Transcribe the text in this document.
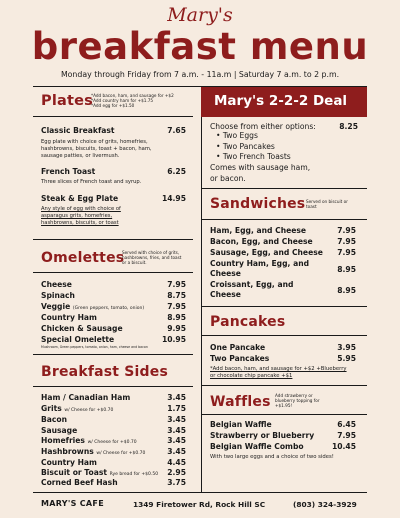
Mary's
breakfast menu
Monday through Friday from 7 a.m. - 11a.m | Saturday 7 a.m. to 2 p.m.
Plates
*Add bacon, ham, and sausage for +$2
*Add country ham for +$1.75
*Add egg for +$1.50
Classic Breakfast	7.65
Egg plate with choice of grits, homefries, hashbrowns, biscuits, toast + bacon, ham, sausage patties, or livermush.
French Toast	6.25
Three slices of French toast and syrup.
Steak & Egg Plate	14.95
Any style of egg with choice of asparagus grits, homefries, hashbrowns, biscuits, or toast
Omelettes
Served with choice of grits, hashbrowns, fries, and toast or a biscuit.
Cheese	7.95
Spinach	8.75
Veggie (Green peppers, tomato, onion)	7.95
Country Ham	8.95
Chicken & Sausage	9.95
Special Omelette	10.95
Mushroom, Green peppers, tomato, onion, ham, cheese and bacon
Breakfast Sides
Ham / Canadian Ham	3.45
Grits w/ Cheese for +$0.70	1.75
Bacon	3.45
Sausage	3.45
Homefries w/ Cheese for +$0.70	3.45
Hashbrowns w/ Cheese for +$0.70	3.45
Country Ham	4.45
Biscuit or Toast Rye bread for +$0.50 2.95
Corned Beef Hash	3.75
Mary's 2-2-2 Deal
Choose from either options:	8.25
• Two Eggs
• Two Pancakes
• Two French Toasts
Comes with sausage ham, or bacon.
Sandwiches Served on biscuit or toast
Ham, Egg, and Cheese	7.95
Bacon, Egg, and Cheese	7.95
Sausage, Egg, and Cheese 7.95
Country Ham, Egg, and Cheese	8.95
Croissant, Egg, and Cheese	8.95
Pancakes
One Pancake	3.95
Two Pancakes	5.95
*Add bacon, ham, and sausage for +$2 +Blueberry or chocolate chip pancake +$1
Waffles Add strawberry or blueberry topping for +$1.95!
Belgian Waffle	6.45
Strawberry or Blueberry	7.95
Belgian Waffle Combo	10.45
With two large eggs and a choice of two sides!
MARY'S CAFE	1349 Firetower Rd, Rock Hill SC	(803) 324-3929
